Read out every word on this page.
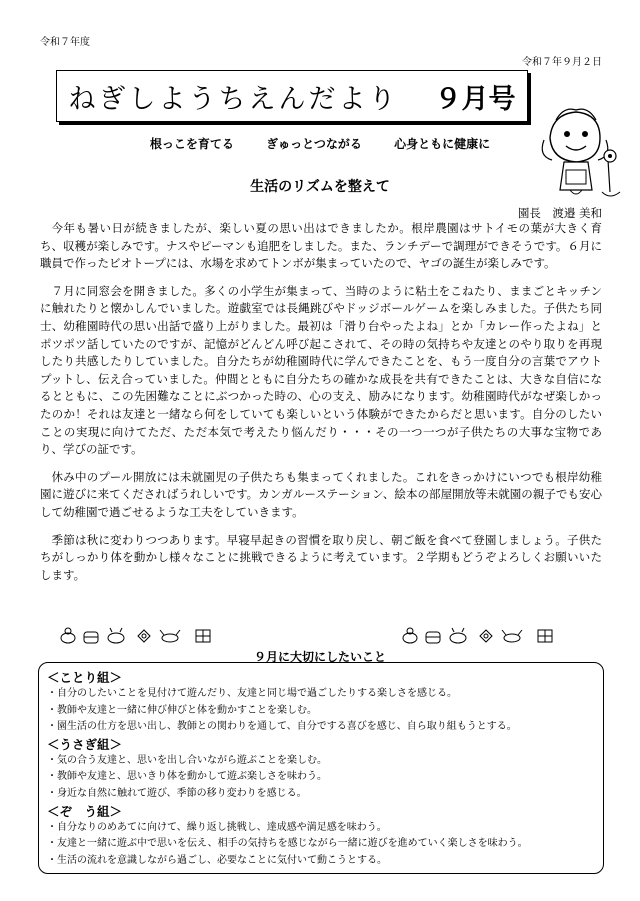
令和７年度
令和７年９月２日
ねぎしようちえんだより ９月号
根っこを育てる	ぎゅっとつながる	心身ともに健康に
生活のリズムを整えて
園長　渡邉 美和

今年も暑い日が続きましたが、楽しい夏の思い出はできましたか。根岸農園はサトイモの葉が大きく育ち、収穫が楽しみです。ナスやピーマンも追肥をしました。また、ランチデーで調理ができそうです。６月に職員で作ったビオトープには、水場を求めてトンボが集まっていたので、ヤゴの誕生が楽しみです。

７月に同窓会を開きました。多くの小学生が集まって、当時のように粘土をこねたり、ままごとキッチンに触れたりと懐かしんでいました。遊戯室では長縄跳びやドッジボールゲームを楽しみました。子供たち同士、幼稚園時代の思い出話で盛り上がりました。最初は「滑り台やったよね」とか「カレー作ったよね」とポツポツ話していたのですが、記憶がどんどん呼び起こされて、その時の気持ちや友達とのやり取りを再現したり共感したりしていました。自分たちが幼稚園時代に学んできたことを、もう一度自分の言葉でアウトプットし、伝え合っていました。仲間とともに自分たちの確かな成長を共有できたことは、大きな自信になるとともに、この先困難なことにぶつかった時の、心の支え、励みになります。幼稚園時代がなぜ楽しかったのか！それは友達と一緒なら何をしていても楽しいという体験ができたからだと思います。自分のしたいことの実現に向けてただ、ただ本気で考えたり悩んだり・・・その一つ一つが子供たちの大事な宝物であり、学びの証です。

休み中のプール開放には未就園児の子供たちも集まってくれました。これをきっかけにいつでも根岸幼稚園に遊びに来てくださればうれしいです。カンガルーステーション、絵本の部屋開放等未就園の親子でも安心して幼稚園で過ごせるような工夫をしていきます。

季節は秋に変わりつつあります。早寝早起きの習慣を取り戻し、朝ご飯を食べて登園しましょう。子供たちがしっかり体を動かし様々なことに挑戦できるように考えています。２学期もどうぞよろしくお願いいたします。

９月に大切にしたいこと

＜ことり組＞

・自分のしたいことを見付けて遊んだり、友達と同じ場で過ごしたりする楽しさを感じる。

・教師や友達と一緒に伸び伸びと体を動かすことを楽しむ。

・園生活の仕方を思い出し、教師との関わりを通して、自分でする喜びを感じ、自ら取り組もうとする。

＜うさぎ組＞

・気の合う友達と、思いを出し合いながら遊ぶことを楽しむ。

・教師や友達と、思いきり体を動かして遊ぶ楽しさを味わう。

・身近な自然に触れて遊び、季節の移り変わりを感じる。

＜ぞ　う組＞

・自分なりのめあてに向けて、繰り返し挑戦し、達成感や満足感を味わう。

・友達と一緒に遊ぶ中で思いを伝え、相手の気持ちを感じながら一緒に遊びを進めていく楽しさを味わう。

・生活の流れを意識しながら過ごし、必要なことに気付いて動こうとする。
